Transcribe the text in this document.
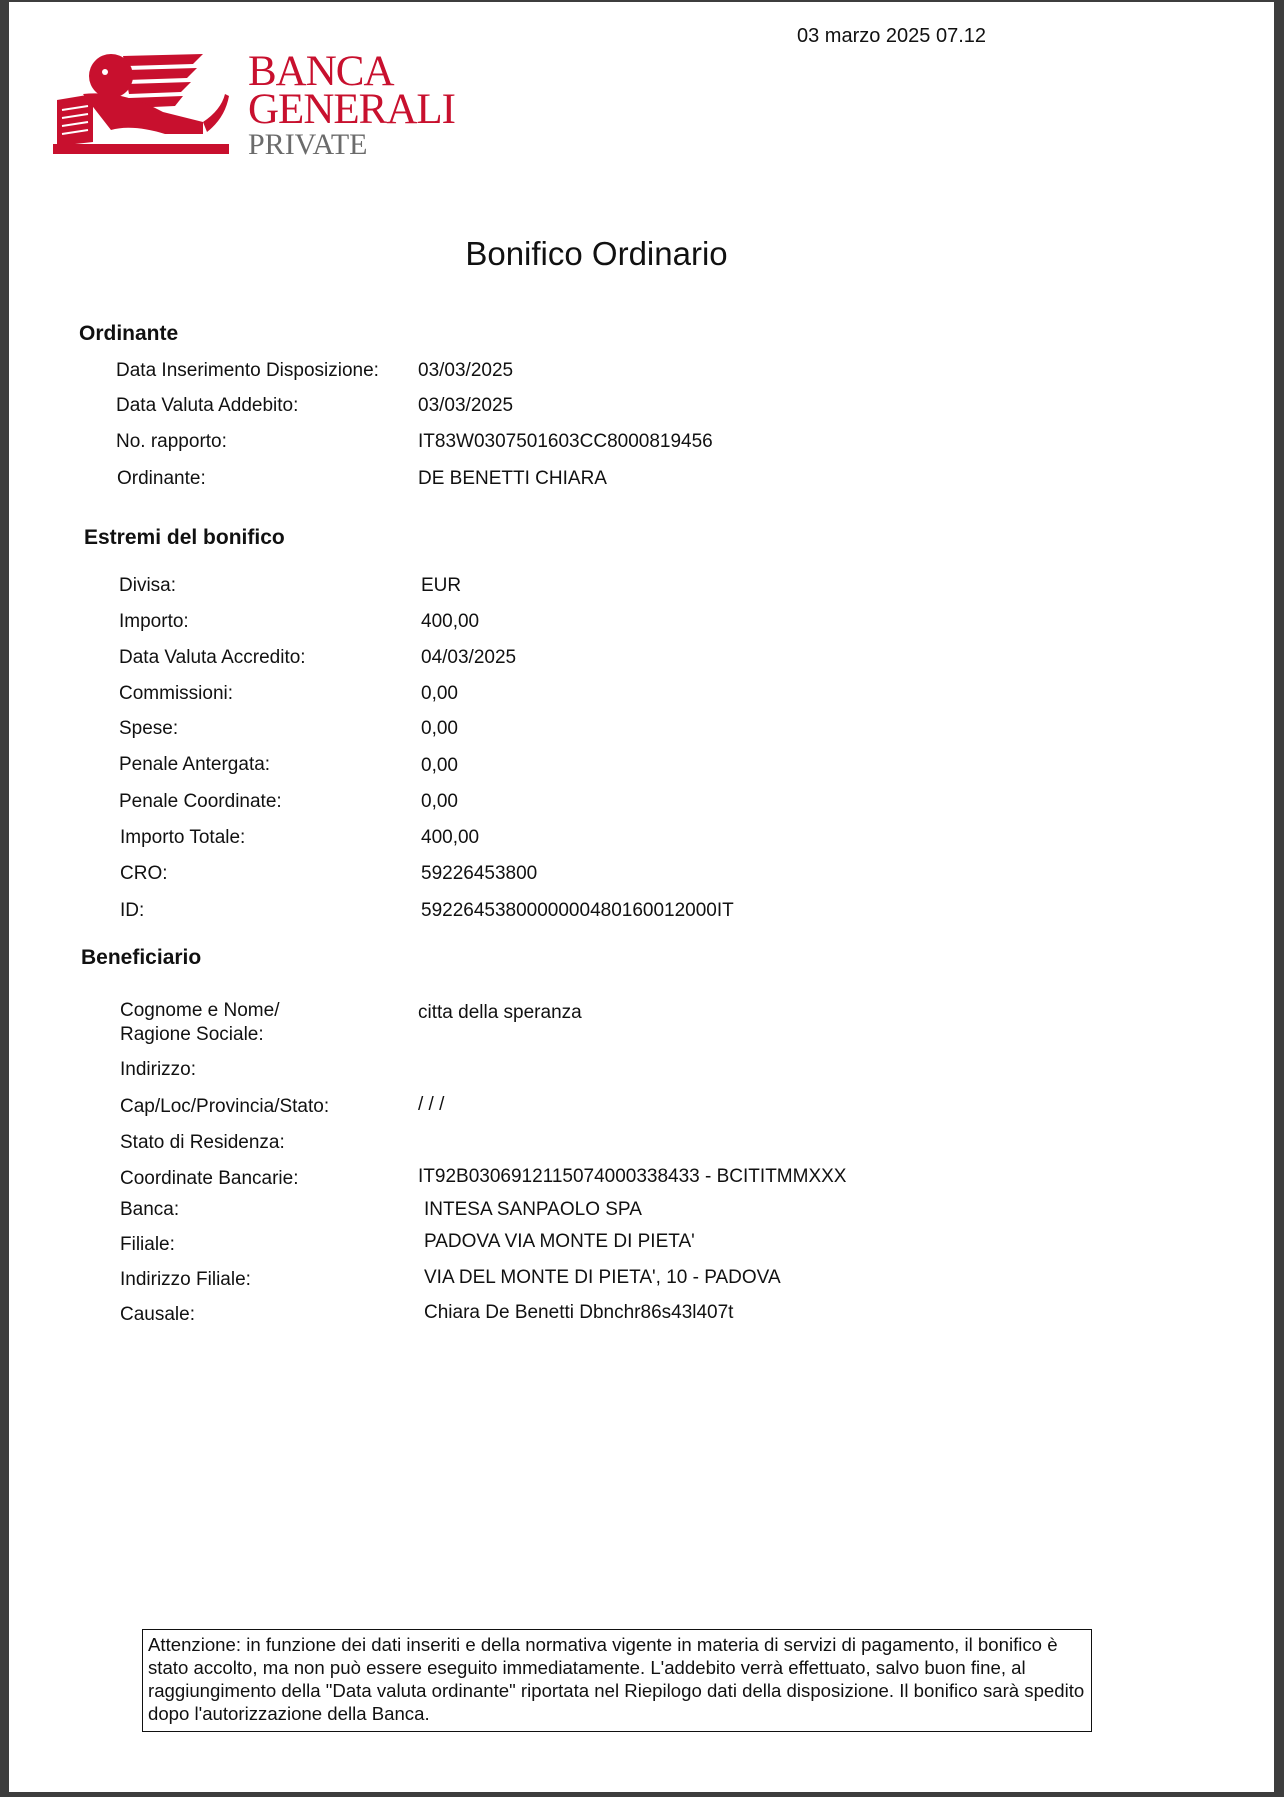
03 marzo 2025 07.12
BANCA
GENERALI
PRIVATE
Bonifico Ordinario
Ordinante
Data Inserimento Disposizione: 03/03/2025
Data Valuta Addebito:	03/03/2025
No. rapporto:	IT83W0307501603CC8000819456
Ordinante:	DE BENETTI CHIARA
Estremi del bonifico
Divisa:	EUR
Importo:	400,00
Data Valuta Accredito:	04/03/2025
Commissioni:	0,00
Spese:	0,00
Penale Antergata:	0,00
Penale Coordinate:	0,00
Importo Totale:	400,00
CRO:	59226453800
ID:	5922645380000000480160012000IT
Beneficiario
Cognome e Nome/
Ragione Sociale:
citta della speranza
Indirizzo:
Cap/Loc/Provincia/Stato:	/ / /
Stato di Residenza:
Coordinate Bancarie:	IT92B0306912115074000338433 - BCITITMMXXX
Banca:	INTESA SANPAOLO SPA
Filiale:	PADOVA VIA MONTE DI PIETA'
Indirizzo Filiale:	VIA DEL MONTE DI PIETA', 10 - PADOVA
Causale:	Chiara De Benetti Dbnchr86s43l407t
Attenzione: in funzione dei dati inseriti e della normativa vigente in materia di servizi di pagamento, il bonifico è stato accolto, ma non può essere eseguito immediatamente. L'addebito verrà effettuato, salvo buon fine, al raggiungimento della "Data valuta ordinante" riportata nel Riepilogo dati della disposizione. Il bonifico sarà spedito dopo l'autorizzazione della Banca.
